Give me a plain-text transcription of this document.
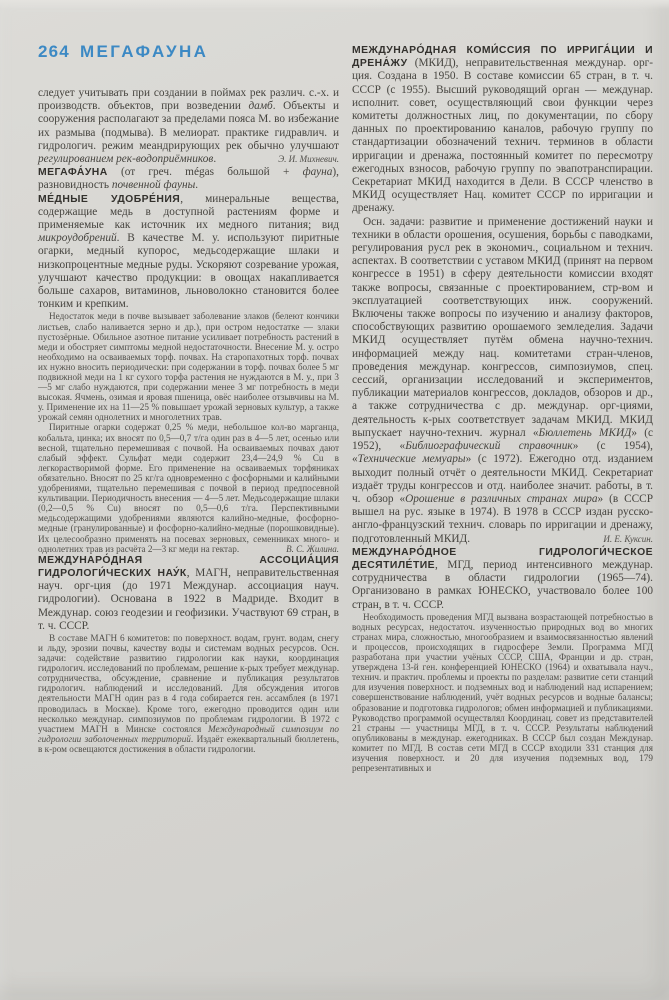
264 МЕГАФАУНА

следует учитывать при создании в поймах рек различ. с.-х. и производств. объектов, при возведении дамб. Объекты и сооружения располагают за пределами пояса М. во избежание их размыва (подмыва). В мелиорат. практике гидравлич. и гидрологич. режим меандрирующих рек обычно улучшают регулированием рек-водоприёмников.	Э. И. Михневич.

МЕГАФА́УНА (от греч. mégas большой + фауна), разновидность почвенной фауны.

МЕ́ДНЫЕ УДОБРЕ́НИЯ, минеральные вещества, содержащие медь в доступной растениям форме и применяемые как источник их медного питания; вид микроудобрений. В качестве М. у. используют пиритные огарки, медный купорос, медьсодержащие шлаки и низкопроцентные медные руды. Ускоряют созревание урожая, улучшают качество продукции: в овощах накапливается больше сахаров, витаминов, льноволокно становится более тонким и крепким.

Недостаток меди в почве вызывает заболевание злаков (белеют кончики листьев, слабо наливается зерно и др.), при остром недостатке — злаки пустозёрные. Обильное азотное питание усиливает потребность растений в меди и обостряет симптомы медной недостаточности. Внесение М. у. остро необходимо на осваиваемых торф. почвах. На старопахотных торф. почвах их нужно вносить периодически: при содержании в торф. почвах более 5 мг подвижной меди на 1 кг сухого торфа растения не нуждаются в М. у., при 3—5 мг слабо нуждаются, при содержании менее 3 мг потребность в меди высокая. Ячмень, озимая и яровая пшеница, овёс наиболее отзывчивы на М. у. Применение их на 11—25 % повышает урожай зерновых культур, а также урожай семян однолетних и многолетних трав.

Пиритные огарки содержат 0,25 % меди, небольшое кол-во марганца, кобальта, цинка; их вносят по 0,5—0,7 т/га один раз в 4—5 лет, осенью или весной, тщательно перемешивая с почвой. На осваиваемых почвах дают слабый эффект. Сульфат меди содержит 23,4—24,9 % Cu в легкорастворимой форме. Его применение на осваиваемых торфяниках обязательно. Вносят по 25 кг/га одновременно с фосфорными и калийными удобрениями, тщательно перемешивая с почвой в период предпосевной культивации. Периодичность внесения — 4—5 лет. Медьсодержащие шлаки (0,2—0,5 % Cu) вносят по 0,5—0,6 т/га. Перспективными медьсодержащими удобрениями являются калийно-медные, фосфорно-медные (гранулированные) и фосфорно-калийно-медные (порошковидные). Их целесообразно применять на посевах зерновых, семенниках много- и однолетних трав из расчёта 2—3 кг меди на гектар.	В. С. Жилина.

МЕЖДУНАРО́ДНАЯ АССОЦИА́ЦИЯ ГИДРОЛОГИ́ЧЕСКИХ НАУ́К, МАГН, неправительственная науч. орг-ция (до 1971 Междунар. ассоциация науч. гидрологии). Основана в 1922 в Мадриде. Входит в Междунар. союз геодезии и геофизики. Участвуют 69 стран, в т. ч. СССР.

В составе МАГН 6 комитетов: по поверхност. водам, грунт. водам, снегу и льду, эрозии почвы, качеству воды и системам водных ресурсов. Осн. задачи: содействие развитию гидрологии как науки, координация гидрологич. исследований по проблемам, решение к-рых требует междунар. сотрудничества, обсуждение, сравнение и публикация результатов гидрологич. наблюдений и исследований. Для обсуждения итогов деятельности МАГН один раз в 4 года собирается ген. ассамблея (в 1971 проводилась в Москве). Кроме того, ежегодно проводится один или несколько междунар. симпозиумов по проблемам гидрологии. В 1972 с участием МАГН в Минске состоялся Международный симпозиум по гидрологии заболоченных территорий. Издаёт ежеквартальный бюллетень, в к-ром освещаются достижения в области гидрологии.

МЕЖДУНАРО́ДНАЯ КОМИ́ССИЯ ПО ИРРИГА́ЦИИ И ДРЕНА́ЖУ (МКИД), неправительственная междунар. орг-ция. Создана в 1950. В составе комиссии 65 стран, в т. ч. СССР (с 1955). Высший руководящий орган — междунар. исполнит. совет, осуществляющий свои функции через комитеты должностных лиц, по документации, по сбору данных по проектированию каналов, рабочую группу по стандартизации обозначений технич. терминов в области ирригации и дренажа, постоянный комитет по пересмотру ежегодных взносов, рабочую группу по эвапотранспирации. Секретариат МКИД находится в Дели. В СССР членство в МКИД осуществляет Нац. комитет СССР по ирригации и дренажу.

Осн. задачи: развитие и применение достижений науки и техники в области орошения, осушения, борьбы с паводками, регулирования русл рек в экономич., социальном и технич. аспектах. В соответствии с уставом МКИД (принят на первом конгрессе в 1951) в сферу деятельности комиссии входят также вопросы, связанные с проектированием, стр-вом и эксплуатацией соответствующих инж. сооружений. Включены также вопросы по изучению и анализу факторов, способствующих развитию орошаемого земледелия. Задачи МКИД осуществляет путём обмена научно-технич. информацией между нац. комитетами стран-членов, проведения междунар. конгрессов, симпозиумов, спец. сессий, организации исследований и экспериментов, публикации материалов конгрессов, докладов, обзоров и др., а также сотрудничества с др. междунар. орг-циями, деятельность к-рых соответствует задачам МКИД. МКИД выпускает научно-технич. журнал «Бюллетень МКИД» (с 1952), «Библиографический справочник» (с 1954), «Технические мемуары» (с 1972). Ежегодно отд. изданием выходит полный отчёт о деятельности МКИД. Секретариат издаёт труды конгрессов и отд. наиболее значит. работы, в т. ч. обзор «Орошение в различных странах мира» (в СССР вышел на рус. языке в 1974). В 1978 в СССР издан русско-англо-французский технич. словарь по ирригации и дренажу, подготовленный МКИД.	И. Е. Куксин.

МЕЖДУНАРО́ДНОЕ ГИДРОЛОГИ́ЧЕСКОЕ ДЕСЯТИЛЕ́ТИЕ, МГД, период интенсивного междунар. сотрудничества в области гидрологии (1965—74). Организовано в рамках ЮНЕСКО, участвовало более 100 стран, в т. ч. СССР.

Необходимость проведения МГД вызвана возрастающей потребностью в водных ресурсах, недостаточ. изученностью природных вод во многих странах мира, сложностью, многообразием и взаимосвязанностью явлений и процессов, происходящих в гидросфере Земли. Программа МГД разработана при участии учёных СССР, США, Франции и др. стран, утверждена 13-й ген. конференцией ЮНЕСКО (1964) и охватывала науч., технич. и практич. проблемы и проекты по разделам: развитие сети станций для изучения поверхност. и подземных вод и наблюдений над испарением; совершенствование наблюдений, учёт водных ресурсов и водные балансы; образование и подготовка гидрологов; обмен информацией и публикациями. Руководство программой осуществлял Координац. совет из представителей 21 страны — участницы МГД, в т. ч. СССР. Результаты наблюдений опубликованы в междунар. ежегодниках. В СССР был создан Междунар. комитет по МГД. В состав сети МГД в СССР входили 331 станция для изучения поверхност. и 20 для изучения подземных вод, 179 репрезентативных и
